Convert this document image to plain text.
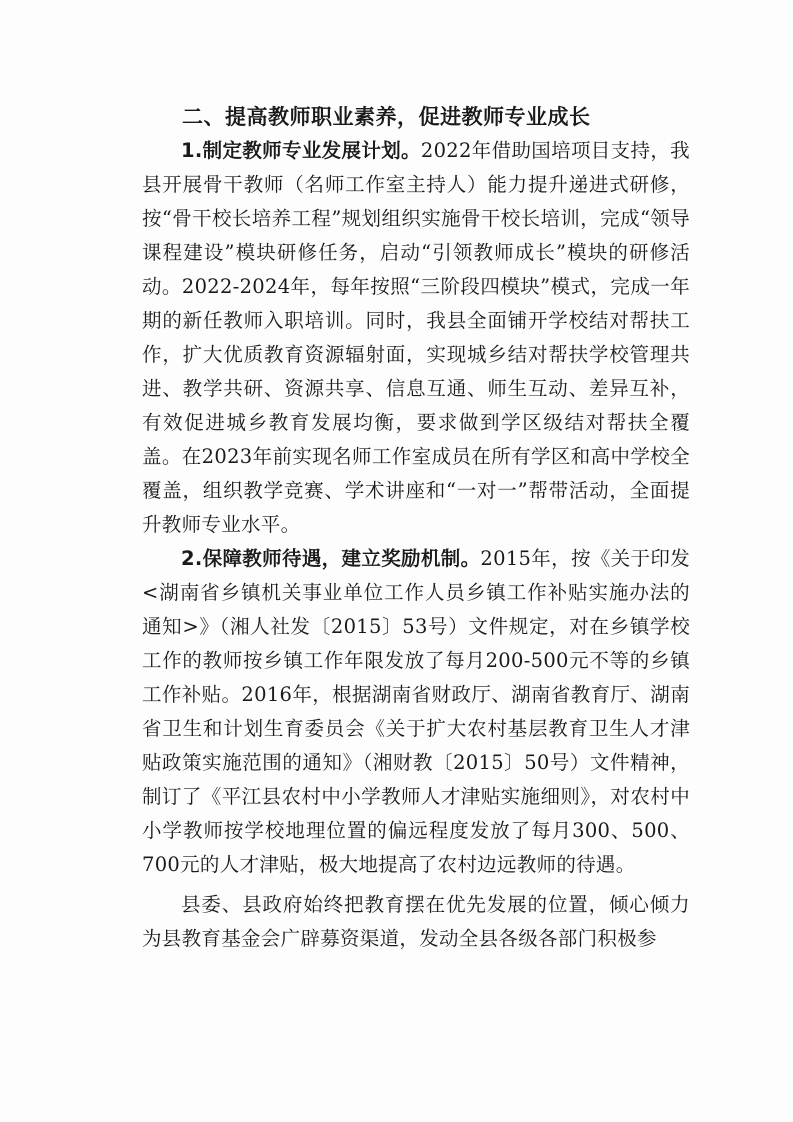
二、提高教师职业素养，促进教师专业成长

1.制定教师专业发展计划。2022年借助国培项目支持，我县开展骨干教师（名师工作室主持人）能力提升递进式研修，按“骨干校长培养工程”规划组织实施骨干校长培训，完成“领导课程建设”模块研修任务，启动“引领教师成长”模块的研修活动。2022-2024年，每年按照“三阶段四模块”模式，完成一年期的新任教师入职培训。同时，我县全面铺开学校结对帮扶工作，扩大优质教育资源辐射面，实现城乡结对帮扶学校管理共进、教学共研、资源共享、信息互通、师生互动、差异互补，有效促进城乡教育发展均衡，要求做到学区级结对帮扶全覆盖。在2023年前实现名师工作室成员在所有学区和高中学校全覆盖，组织教学竞赛、学术讲座和“一对一”帮带活动，全面提升教师专业水平。

2.保障教师待遇，建立奖励机制。2015年，按《关于印发<湖南省乡镇机关事业单位工作人员乡镇工作补贴实施办法的通知>》（湘人社发〔2015〕53号）文件规定，对在乡镇学校工作的教师按乡镇工作年限发放了每月200-500元不等的乡镇工作补贴。2016年，根据湖南省财政厅、湖南省教育厅、湖南省卫生和计划生育委员会《关于扩大农村基层教育卫生人才津贴政策实施范围的通知》（湘财教〔2015〕50号）文件精神，制订了《平江县农村中小学教师人才津贴实施细则》，对农村中小学教师按学校地理位置的偏远程度发放了每月300、500、700元的人才津贴，极大地提高了农村边远教师的待遇。

县委、县政府始终把教育摆在优先发展的位置，倾心倾力为县教育基金会广辟募资渠道，发动全县各级各部门积极参
